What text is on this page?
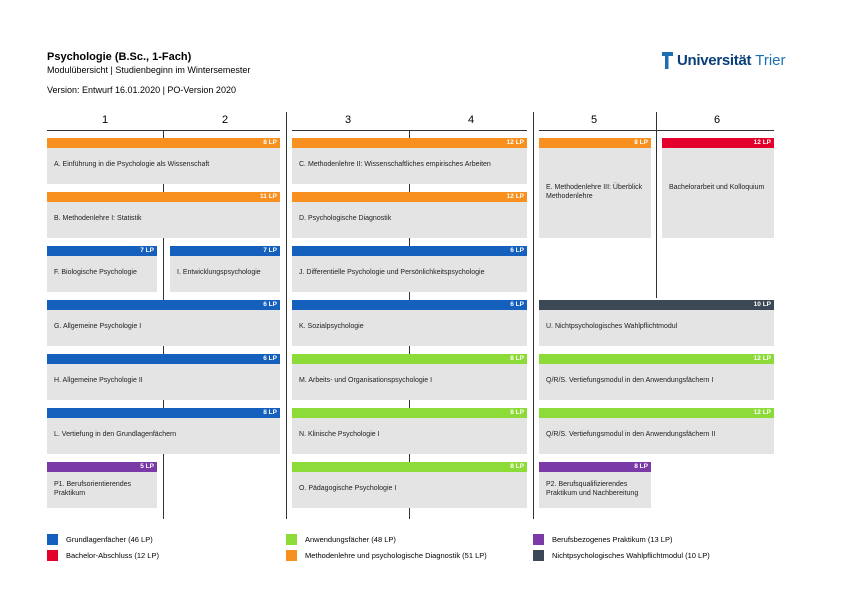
Psychologie (B.Sc., 1-Fach)
Modulübersicht | Studienbeginn im Wintersemester
Version: Entwurf 16.01.2020 | PO-Version 2020
Universität Trier
1	2	3	4	5	6
8 LP
A. Einführung in die Psychologie als Wissenschaft
11 LP
B. Methodenlehre I: Statistik
7 LP
F. Biologische Psychologie
7 LP
I. Entwicklungspsychologie
6 LP
G. Allgemeine Psychologie I
6 LP
H. Allgemeine Psychologie II
8 LP
L. Vertiefung in den Grundlagenfächern
5 LP
P1. Berufsorientierendes Praktikum
12 LP
C. Methodenlehre II: Wissenschaftliches empirisches Arbeiten
12 LP
D. Psychologische Diagnostik
6 LP
J. Differentielle Psychologie und Persönlichkeitspsychologie
6 LP
K. Sozialpsychologie
8 LP
M. Arbeits- und Organisationspsychologie I
8 LP
N. Klinische Psychologie I
8 LP
O. Pädagogische Psychologie I
8 LP
E. Methodenlehre III: Überblick Methodenlehre
12 LP
Bachelorarbeit und Kolloquium
10 LP
U. Nichtpsychologisches Wahlpflichtmodul
12 LP
Q/R/S. Vertiefungsmodul in den Anwendungsfächern I
12 LP
Q/R/S. Vertiefungsmodul in den Anwendungsfächern II
8 LP
P2. Berufsqualifizierendes Praktikum und Nachbereitung
Grundlagenfächer (46 LP)
Bachelor-Abschluss (12 LP)
Anwendungsfächer (48 LP)
Methodenlehre und psychologische Diagnostik (51 LP)
Berufsbezogenes Praktikum (13 LP)
Nichtpsychologisches Wahlpflichtmodul (10 LP)
